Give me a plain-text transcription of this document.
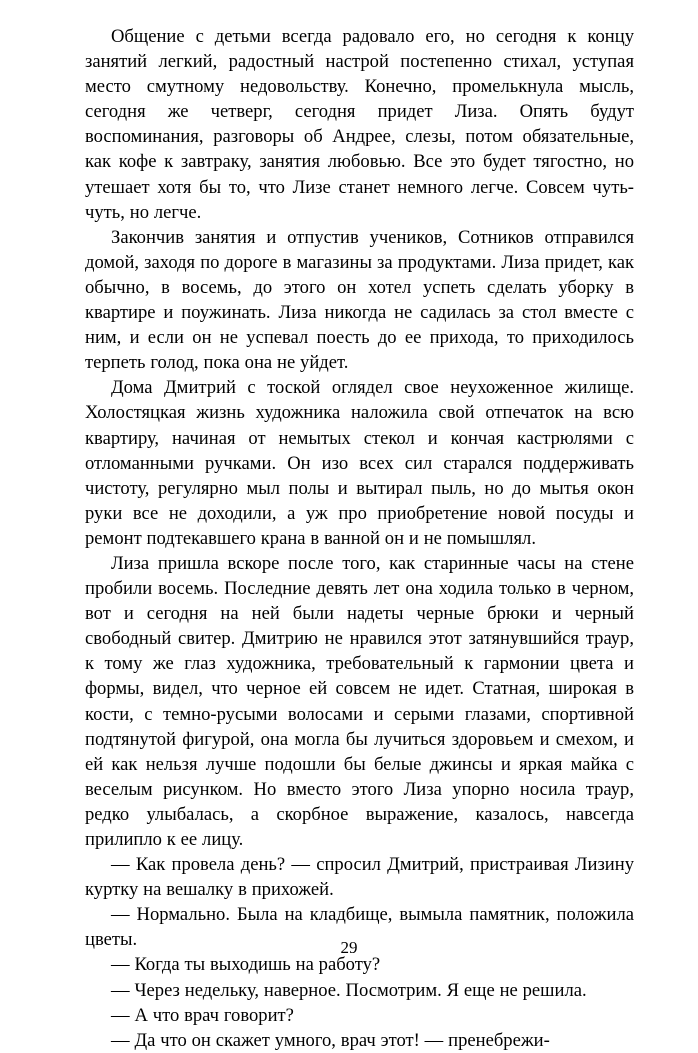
Общение с детьми всегда радовало его, но сегодня к концу занятий легкий, радостный настрой постепенно стихал, уступая место смутному недовольству. Конечно, промелькнула мысль, сегодня же четверг, сегодня придет Лиза. Опять будут воспоминания, разговоры об Андрее, слезы, потом обязательные, как кофе к завтраку, занятия любовью. Все это будет тягостно, но утешает хотя бы то, что Лизе станет немного легче. Совсем чуть-чуть, но легче.

Закончив занятия и отпустив учеников, Сотников отправился домой, заходя по дороге в магазины за продуктами. Лиза придет, как обычно, в восемь, до этого он хотел успеть сделать уборку в квартире и поужинать. Лиза никогда не садилась за стол вместе с ним, и если он не успевал поесть до ее прихода, то приходилось терпеть голод, пока она не уйдет.

Дома Дмитрий с тоской оглядел свое неухоженное жилище. Холостяцкая жизнь художника наложила свой отпечаток на всю квартиру, начиная от немытых стекол и кончая кастрюлями с отломанными ручками. Он изо всех сил старался поддерживать чистоту, регулярно мыл полы и вытирал пыль, но до мытья окон руки все не доходили, а уж про приобретение новой посуды и ремонт подтекавшего крана в ванной он и не помышлял.

Лиза пришла вскоре после того, как старинные часы на стене пробили восемь. Последние девять лет она ходила только в черном, вот и сегодня на ней были надеты черные брюки и черный свободный свитер. Дмитрию не нравился этот затянувшийся траур, к тому же глаз художника, требовательный к гармонии цвета и формы, видел, что черное ей совсем не идет. Статная, широкая в кости, с темно-русыми волосами и серыми глазами, спортивной подтянутой фигурой, она могла бы лучиться здоровьем и смехом, и ей как нельзя лучше подошли бы белые джинсы и яркая майка с веселым рисунком. Но вместо этого Лиза упорно носила траур, редко улыбалась, а скорбное выражение, казалось, навсегда прилипло к ее лицу.

— Как провела день? — спросил Дмитрий, пристраивая Лизину куртку на вешалку в прихожей.

— Нормально. Была на кладбище, вымыла памятник, положила цветы.

— Когда ты выходишь на работу?

— Через недельку, наверное. Посмотрим. Я еще не решила.

— А что врач говорит?

— Да что он скажет умного, врач этот! — пренебрежи-

29
